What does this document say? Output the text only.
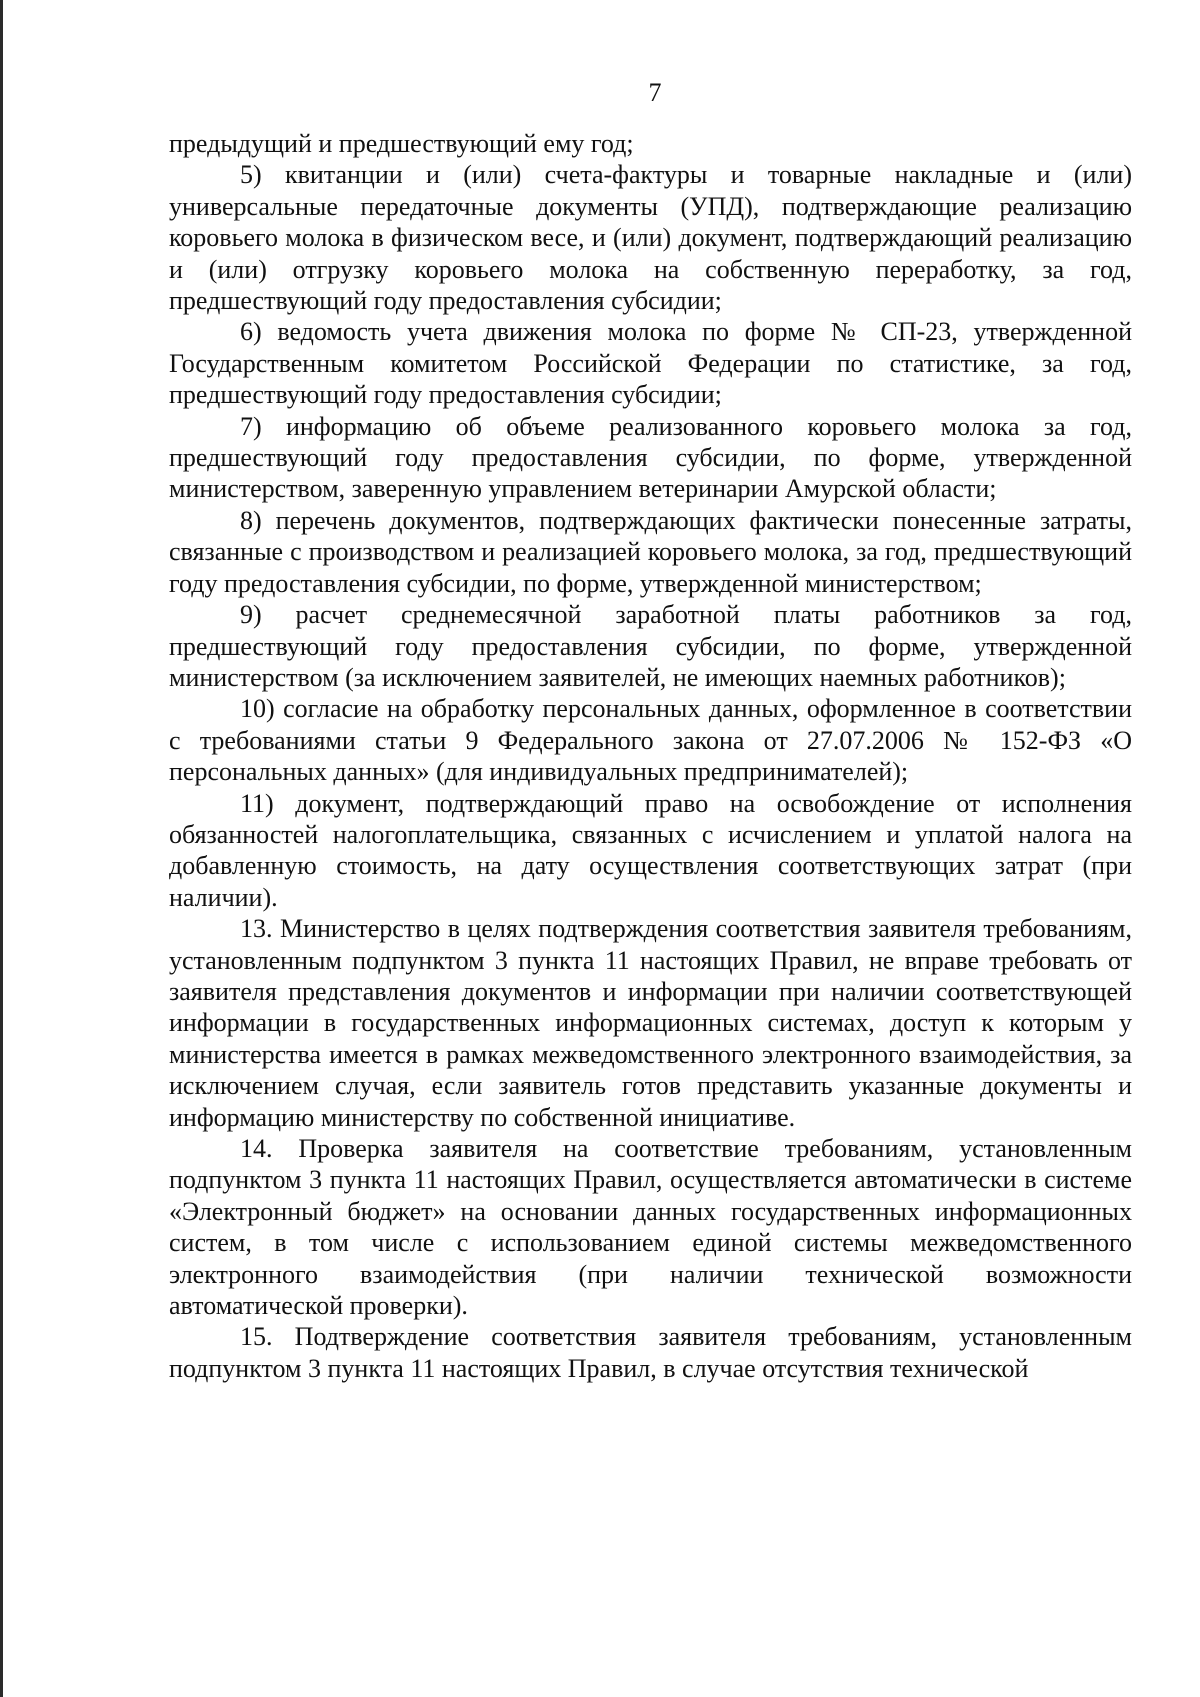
7

предыдущий и предшествующий ему год;

5) квитанции и (или) счета-фактуры и товарные накладные и (или) универсальные передаточные документы (УПД), подтверждающие реализацию коровьего молока в физическом весе, и (или) документ, подтверждающий реализацию и (или) отгрузку коровьего молока на собственную переработку, за год, предшествующий году предоставления субсидии;

6) ведомость учета движения молока по форме № СП-23, утвержденной Государственным комитетом Российской Федерации по статистике, за год, предшествующий году предоставления субсидии;

7) информацию об объеме реализованного коровьего молока за год, предшествующий году предоставления субсидии, по форме, утвержденной министерством, заверенную управлением ветеринарии Амурской области;

8) перечень документов, подтверждающих фактически понесенные затраты, связанные с производством и реализацией коровьего молока, за год, предшествующий году предоставления субсидии, по форме, утвержденной министерством;

9) расчет среднемесячной заработной платы работников за год, предшествующий году предоставления субсидии, по форме, утвержденной министерством (за исключением заявителей, не имеющих наемных работников);

10) согласие на обработку персональных данных, оформленное в соответствии с требованиями статьи 9 Федерального закона от 27.07.2006 № 152-ФЗ «О персональных данных» (для индивидуальных предпринимателей);

11) документ, подтверждающий право на освобождение от исполнения обязанностей налогоплательщика, связанных с исчислением и уплатой налога на добавленную стоимость, на дату осуществления соответствующих затрат (при наличии).

13. Министерство в целях подтверждения соответствия заявителя требованиям, установленным подпунктом 3 пункта 11 настоящих Правил, не вправе требовать от заявителя представления документов и информации при наличии соответствующей информации в государственных информационных системах, доступ к которым у министерства имеется в рамках межведомственного электронного взаимодействия, за исключением случая, если заявитель готов представить указанные документы и информацию министерству по собственной инициативе.

14. Проверка заявителя на соответствие требованиям, установленным подпунктом 3 пункта 11 настоящих Правил, осуществляется автоматически в системе «Электронный бюджет» на основании данных государственных информационных систем, в том числе с использованием единой системы межведомственного электронного взаимодействия (при наличии технической возможности автоматической проверки).

15. Подтверждение соответствия заявителя требованиям, установленным подпунктом 3 пункта 11 настоящих Правил, в случае отсутствия технической
